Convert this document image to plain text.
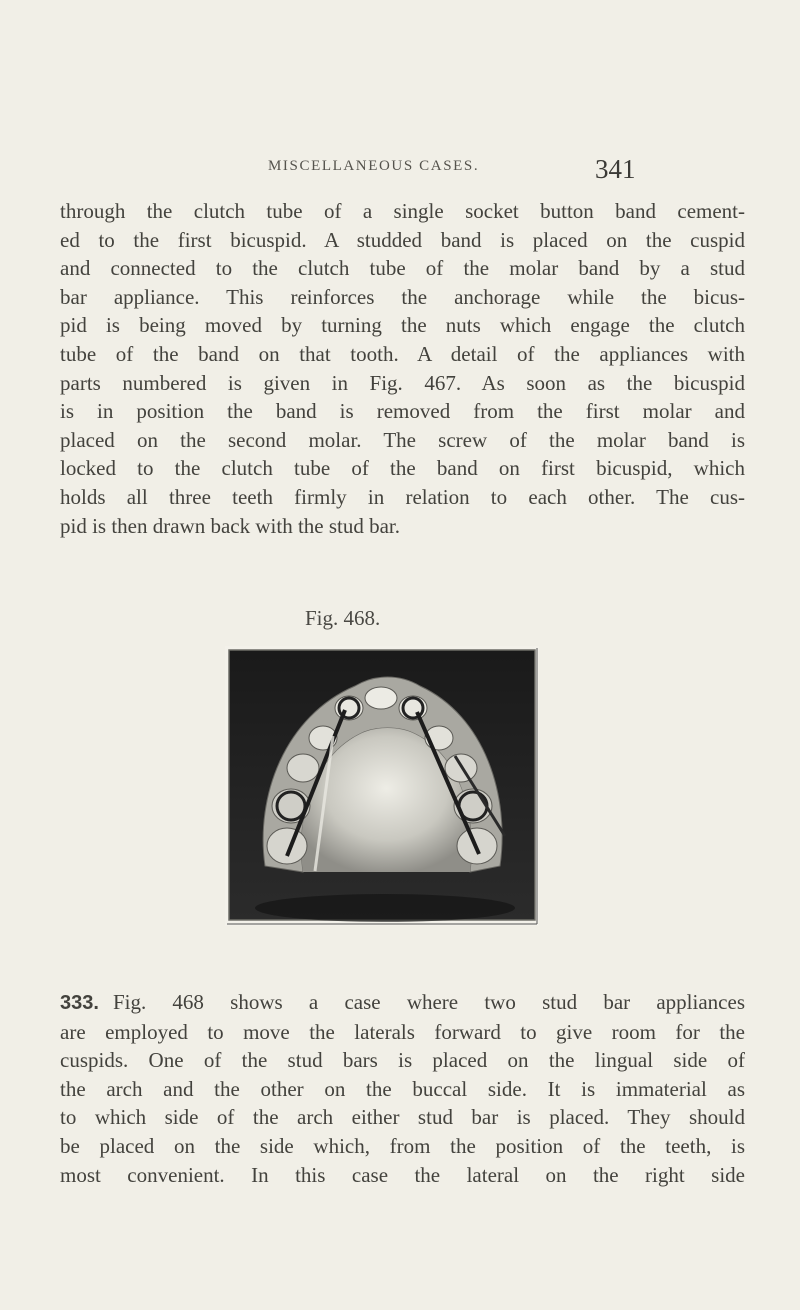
MISCELLANEOUS CASES.	341
through the clutch tube of a single socket button band cement-
ed to the first bicuspid. A studded band is placed on the cuspid
and connected to the clutch tube of the molar band by a stud
bar appliance. This reinforces the anchorage while the bicus-
pid is being moved by turning the nuts which engage the clutch
tube of the band on that tooth. A detail of the appliances with
parts numbered is given in Fig. 467. As soon as the bicuspid
is in position the band is removed from the first molar and
placed on the second molar. The screw of the molar band is
locked to the clutch tube of the band on first bicuspid, which
holds all three teeth firmly in relation to each other. The cus-
pid is then drawn back with the stud bar.
Fig. 468.
333. Fig. 468 shows a case where two stud bar appliances
are employed to move the laterals forward to give room for the
cuspids. One of the stud bars is placed on the lingual side of
the arch and the other on the buccal side. It is immaterial as
to which side of the arch either stud bar is placed. They should
be placed on the side which, from the position of the teeth, is
most convenient. In this case the lateral on the right side
